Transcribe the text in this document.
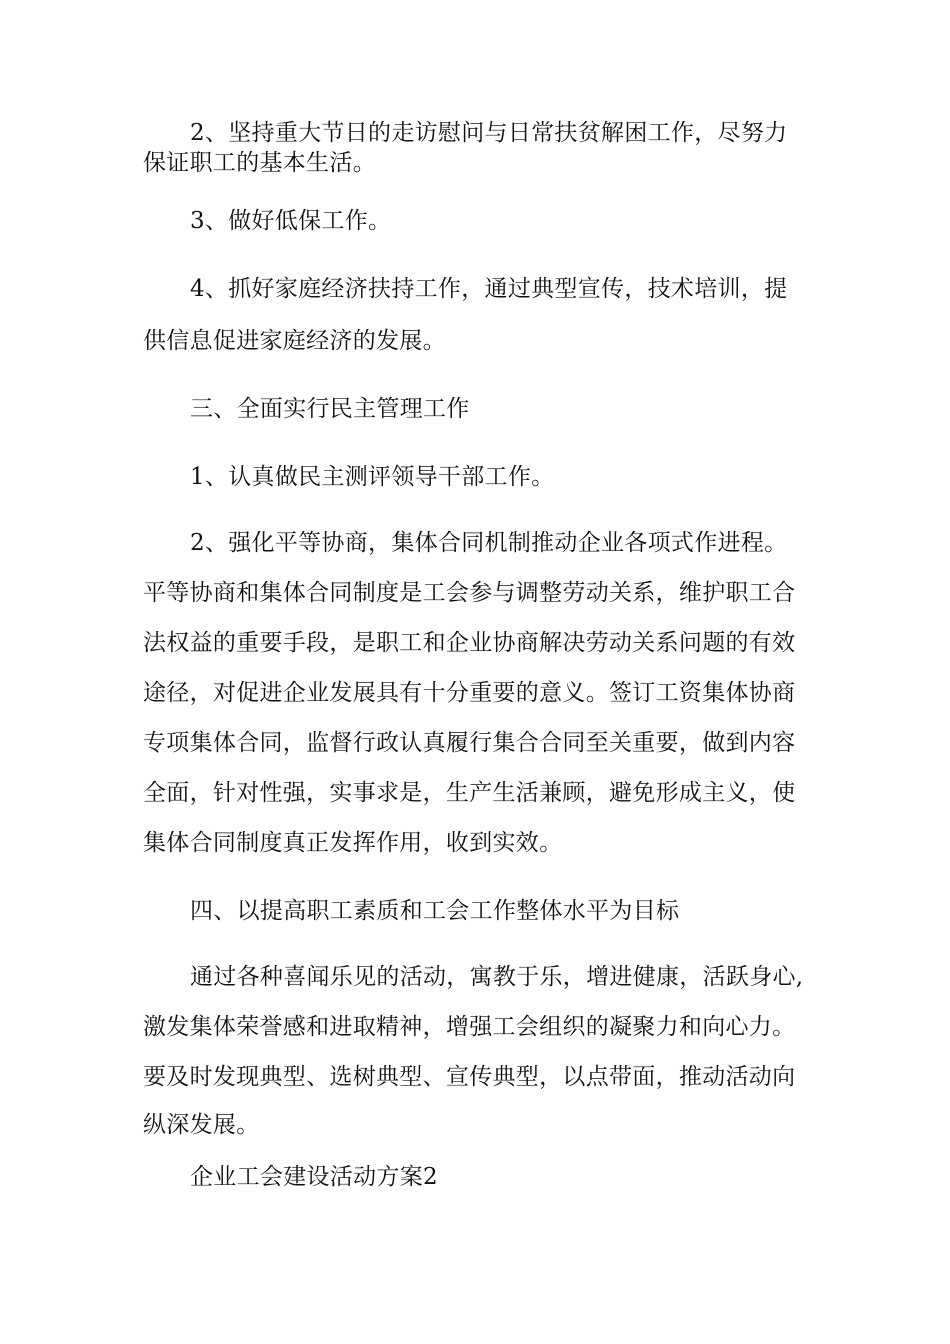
2、坚持重大节日的走访慰问与日常扶贫解困工作，尽努力
保证职工的基本生活。
3、做好低保工作。
4、抓好家庭经济扶持工作，通过典型宣传，技术培训，提
供信息促进家庭经济的发展。
三、全面实行民主管理工作
1、认真做民主测评领导干部工作。
2、强化平等协商，集体合同机制推动企业各项式作进程。
平等协商和集体合同制度是工会参与调整劳动关系，维护职工合
法权益的重要手段，是职工和企业协商解决劳动关系问题的有效
途径，对促进企业发展具有十分重要的意义。签订工资集体协商
专项集体合同，监督行政认真履行集合合同至关重要，做到内容
全面，针对性强，实事求是，生产生活兼顾，避免形成主义，使
集体合同制度真正发挥作用，收到实效。
四、以提高职工素质和工会工作整体水平为目标
通过各种喜闻乐见的活动，寓教于乐，增进健康，活跃身心,
激发集体荣誉感和进取精神，增强工会组织的凝聚力和向心力。
要及时发现典型、选树典型、宣传典型，以点带面，推动活动向
纵深发展。
企业工会建设活动方案2
